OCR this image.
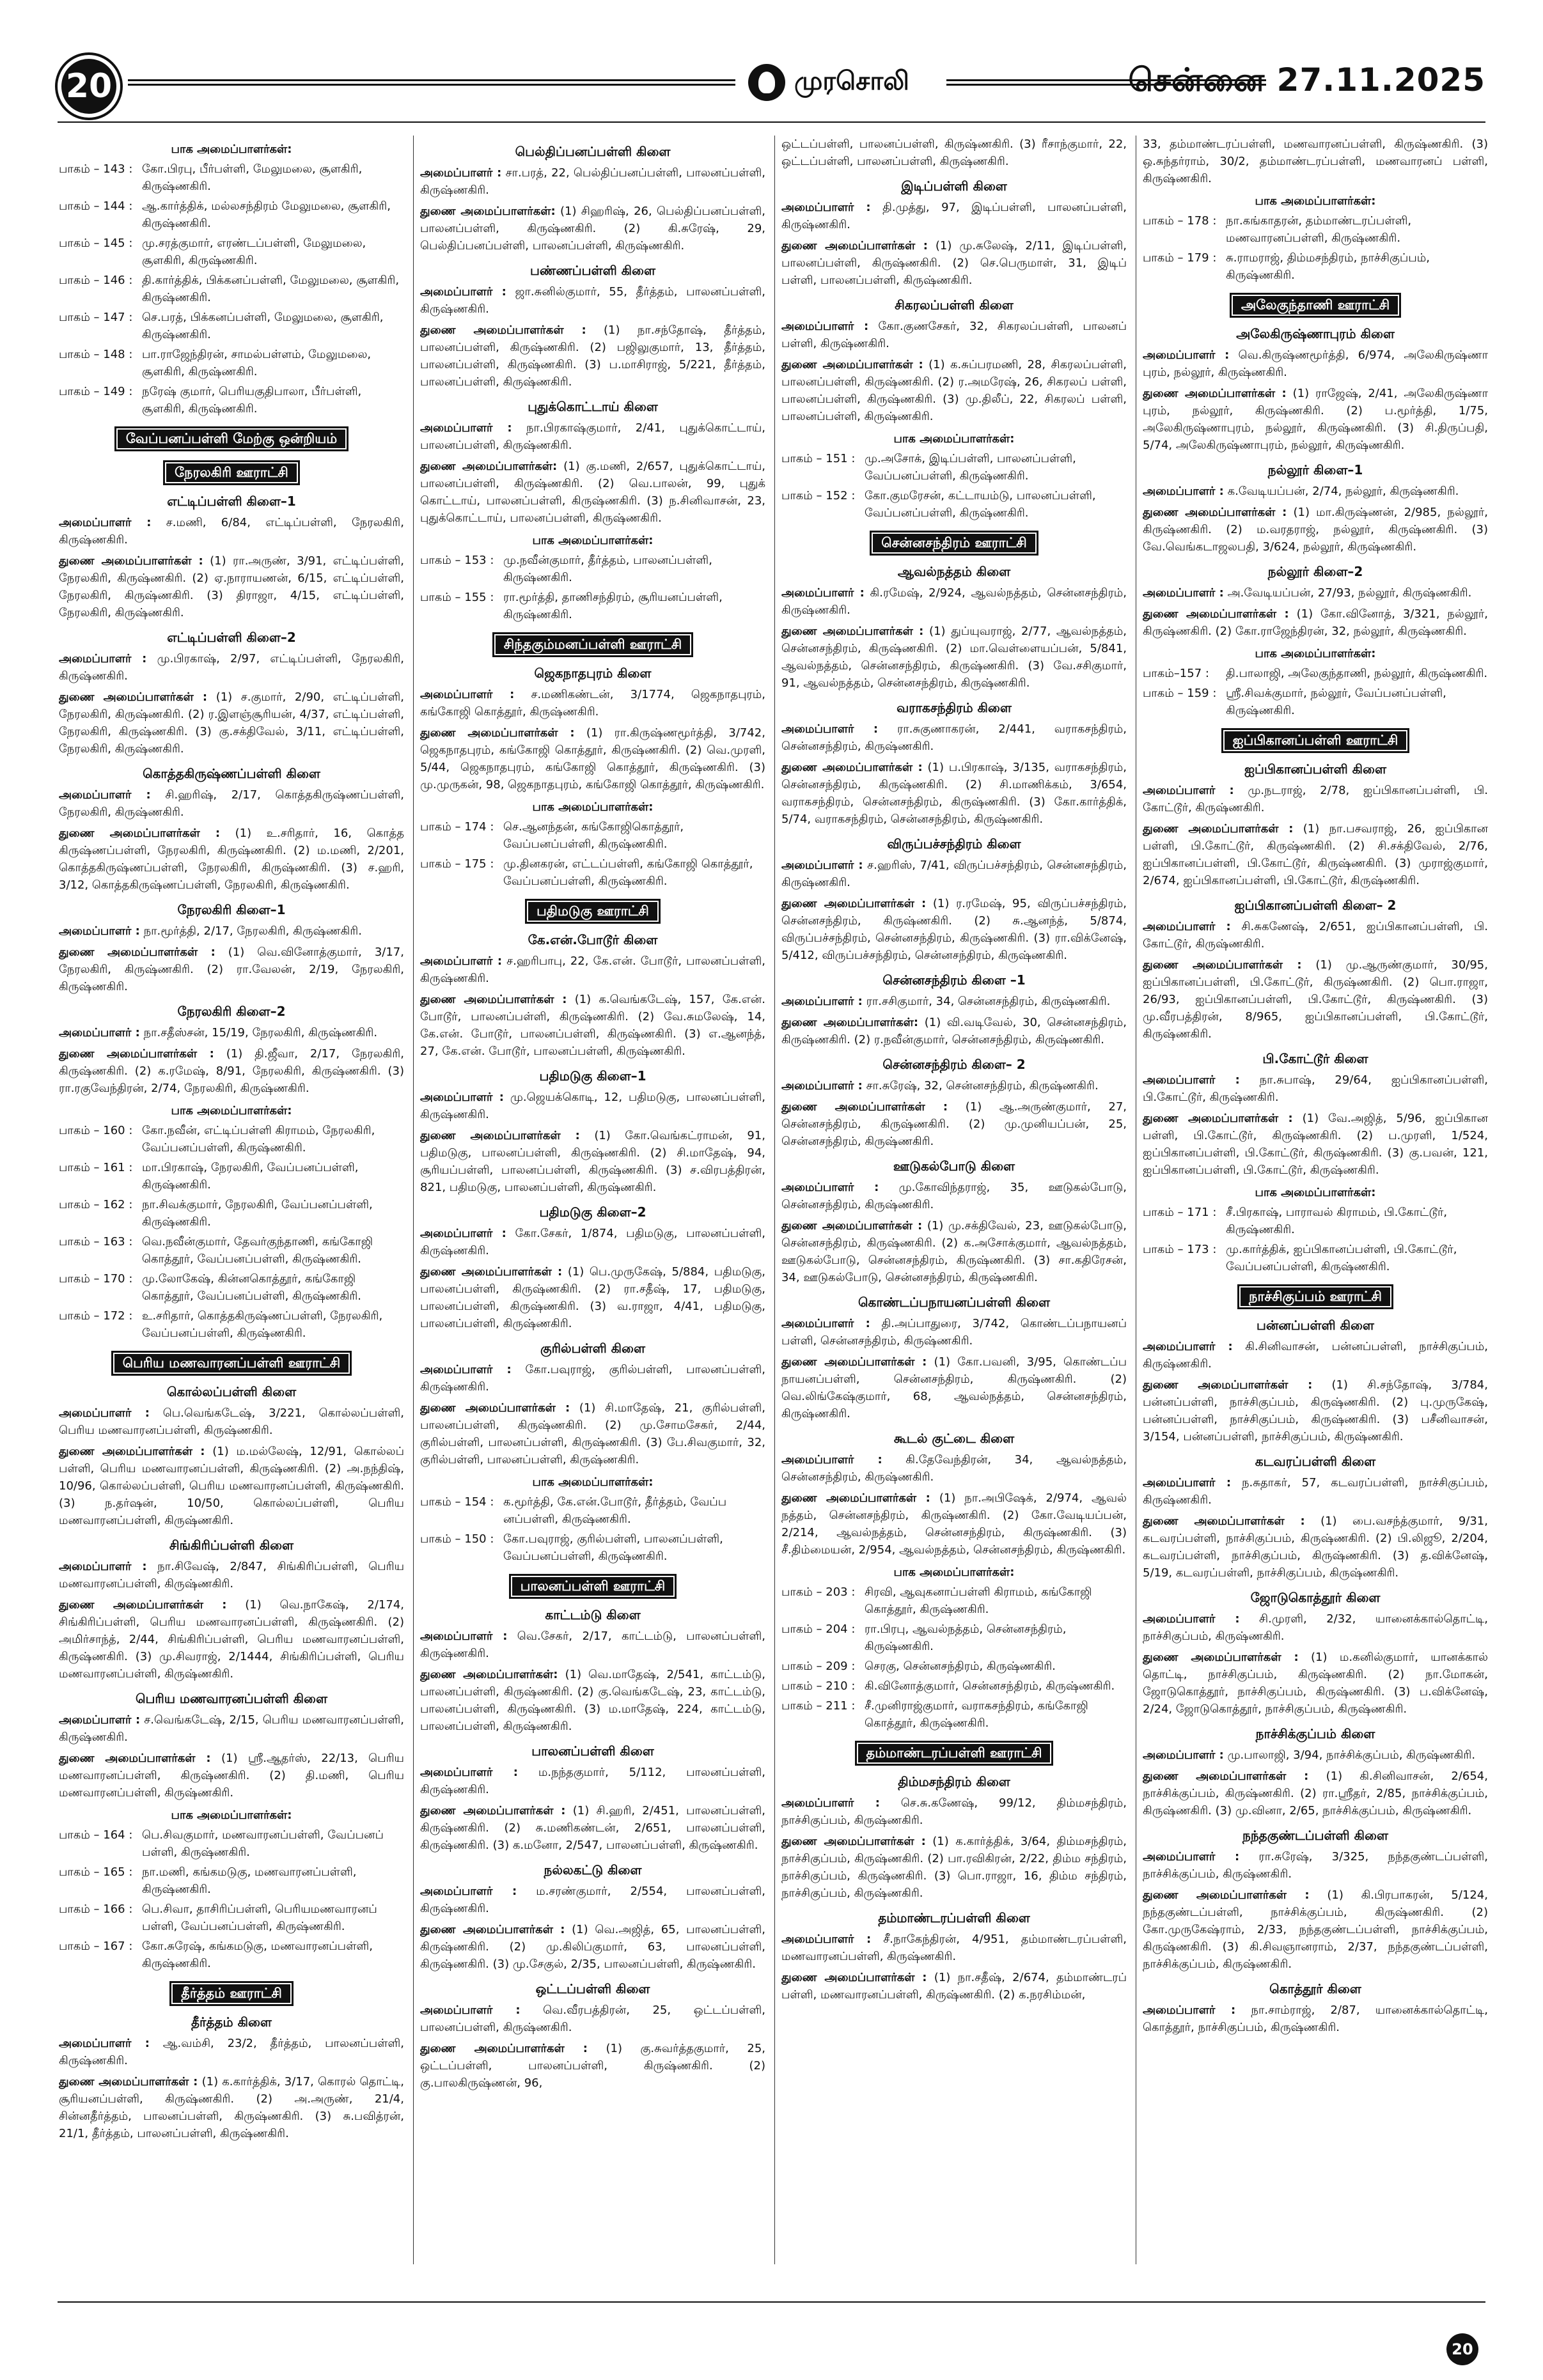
20	முரசொலி	சென்னை 27.11.2025
பாக அமைப்பாளர்கள்:
பாகம் – 143 : கோ.பிரபு, பீர்பள்ளி, மேலுமலை, சூளகிரி, கிருஷ்ணகிரி.
பாகம் – 144 : ஆ.கார்த்திக், மல்லசந்திரம் மேலுமலை, சூளகிரி, கிருஷ்ணகிரி.
பாகம் – 145 : மு.சரத்குமார், எரண்டப்பள்ளி, மேலுமலை, சூளகிரி, கிருஷ்ணகிரி.
பாகம் – 146 : தி.கார்த்திக், பிக்கனப்பள்ளி, மேலுமலை, சூளகிரி, கிருஷ்ணகிரி.
பாகம் – 147 : செ.பரத், பிக்கனப்பள்ளி, மேலுமலை, சூளகிரி, கிருஷ்ணகிரி.
பாகம் – 148 : பா.ராஜேந்திரன், சாமல்பள்ளம், மேலுமலை, சூளகிரி, கிருஷ்ணகிரி.
பாகம் – 149 : நரேஷ் குமார், பெரியகுதிபாலா, பீர்பள்ளி, சூளகிரி, கிருஷ்ணகிரி.
வேப்பனப்பள்ளி மேற்கு ஒன்றியம்
நேரலகிரி ஊராட்சி
எட்டிப்பள்ளி கிளை–1

அமைப்பாளர் : ச.மணி, 6/84, எட்டிப்பள்ளி, நேரலகிரி, கிருஷ்ணகிரி.

துணை அமைப்பாளர்கள் : (1) ரா.அருண், 3/91, எட்டிப்பள்ளி, நேரலகிரி, கிருஷ்ணகிரி. (2) ஏ.நாராயணன், 6/15, எட்டிப்பள்ளி, நேரலகிரி, கிருஷ்ணகிரி. (3) திராஜா, 4/15, எட்டிப்பள்ளி, நேரலகிரி, கிருஷ்ணகிரி.

எட்டிப்பள்ளி கிளை–2

அமைப்பாளர் : மு.பிரகாஷ், 2/97, எட்டிப்பள்ளி, நேரலகிரி, கிருஷ்ணகிரி.

துணை அமைப்பாளர்கள் : (1) ச.குமார், 2/90, எட்டிப்பள்ளி, நேரலகிரி, கிருஷ்ணகிரி. (2) ர.இளஞ்சூரியன், 4/37, எட்டிப்பள்ளி, நேரலகிரி, கிருஷ்ணகிரி. (3) கு.சக்திவேல், 3/11, எட்டிப்பள்ளி, நேரலகிரி, கிருஷ்ணகிரி.

கொத்தகிருஷ்ணப்பள்ளி கிளை

அமைப்பாளர் : சி.ஹரிஷ், 2/17, கொத்தகிருஷ்ணப்பள்ளி, நேரலகிரி, கிருஷ்ணகிரி.

துணை அமைப்பாளர்கள் : (1) உ.சரிதார், 16, கொத்த கிருஷ்ணப்பள்ளி, நேரலகிரி, கிருஷ்ணகிரி. (2) ம.மணி, 2/201, கொத்தகிருஷ்ணப்பள்ளி, நேரலகிரி, கிருஷ்ணகிரி. (3) ச.ஹரி, 3/12, கொத்தகிருஷ்ணப்பள்ளி, நேரலகிரி, கிருஷ்ணகிரி.

நேரலகிரி கிளை–1

அமைப்பாளர் : நா.மூர்த்தி, 2/17, நேரலகிரி, கிருஷ்ணகிரி.

துணை அமைப்பாளர்கள் : (1) வெ.வினோத்குமார், 3/17, நேரலகிரி, கிருஷ்ணகிரி. (2) ரா.வேலன், 2/19, நேரலகிரி, கிருஷ்ணகிரி.

நேரலகிரி கிளை–2

அமைப்பாளர் : நா.சதீஸ்சன், 15/19, நேரலகிரி, கிருஷ்ணகிரி.

துணை அமைப்பாளர்கள் : (1) தி.ஜீவா, 2/17, நேரலகிரி, கிருஷ்ணகிரி. (2) க.ரமேஷ், 8/91, நேரலகிரி, கிருஷ்ணகிரி. (3) ரா.ரகுவேந்திரன், 2/74, நேரலகிரி, கிருஷ்ணகிரி.

பாக அமைப்பாளர்கள்:
பாகம் – 160 : கோ.நவீன், எட்டிப்பள்ளி கிராமம், நேரலகிரி, வேப்பனப்பள்ளி, கிருஷ்ணகிரி.
பாகம் – 161 : மா.பிரகாஷ், நேரலகிரி, வேப்பனப்பள்ளி, கிருஷ்ணகிரி.
பாகம் – 162 : நா.சிவக்குமார், நேரலகிரி, வேப்பனப்பள்ளி, கிருஷ்ணகிரி.
பாகம் – 163 : வெ.நவீன்குமார், தேவர்குந்தாணி, கங்கோஜி கொத்தூர், வேப்பனப்பள்ளி, கிருஷ்ணகிரி.
பாகம் – 170 : மு.லோகேஷ், கின்னகொத்தூர், கங்கோஜி கொத்தூர், வேப்பனப்பள்ளி, கிருஷ்ணகிரி.
பாகம் – 172 : உ.சரிதார், கொத்தகிருஷ்ணப்பள்ளி, நேரலகிரி, வேப்பனப்பள்ளி, கிருஷ்ணகிரி.
பெரிய மணவாரனப்பள்ளி ஊராட்சி
கொல்லப்பள்ளி கிளை

அமைப்பாளர் : பெ.வெங்கடேஷ், 3/221, கொல்லப்பள்ளி, பெரிய மணவாரனப்பள்ளி, கிருஷ்ணகிரி.

துணை அமைப்பாளர்கள் : (1) ம.மல்லேஷ், 12/91, கொல்லப் பள்ளி, பெரிய மணவாரனப்பள்ளி, கிருஷ்ணகிரி. (2) அ.நந்திஷ், 10/96, கொல்லப்பள்ளி, பெரிய மணவாரனப்பள்ளி, கிருஷ்ணகிரி. (3) ந.தர்ஷன், 10/50, கொல்லப்பள்ளி, பெரிய மணவாரனப்பள்ளி, கிருஷ்ணகிரி.

சிங்கிரிப்பள்ளி கிளை

அமைப்பாளர் : நா.சிவேஷ், 2/847, சிங்கிரிப்பள்ளி, பெரிய மணவாரனப்பள்ளி, கிருஷ்ணகிரி.

துணை அமைப்பாளர்கள் : (1) வெ.நாகேஷ், 2/174, சிங்கிரிப்பள்ளி, பெரிய மணவாரனப்பள்ளி, கிருஷ்ணகிரி. (2) அமிர்சாந்த், 2/44, சிங்கிரிப்பள்ளி, பெரிய மணவாரனப்பள்ளி, கிருஷ்ணகிரி. (3) மு.சிவராஜ், 2/1444, சிங்கிரிப்பள்ளி, பெரிய மணவாரனப்பள்ளி, கிருஷ்ணகிரி.

பெரிய மணவாரனப்பள்ளி கிளை

அமைப்பாளர் : ச.வெங்கடேஷ், 2/15, பெரிய மணவாரனப்பள்ளி, கிருஷ்ணகிரி.

துணை அமைப்பாளர்கள் : (1) ஸ்ரீ.ஆதர்ஸ், 22/13, பெரிய மணவாரனப்பள்ளி, கிருஷ்ணகிரி. (2) தி.மணி, பெரிய மணவாரனப்பள்ளி, கிருஷ்ணகிரி.

பாக அமைப்பாளர்கள்:
பாகம் – 164 : பெ.சிவகுமார், மணவாரனப்பள்ளி, வேப்பனப் பள்ளி, கிருஷ்ணகிரி.
பாகம் – 165 : நா.மணி, கங்கமடுகு, மணவாரனப்பள்ளி, கிருஷ்ணகிரி.
பாகம் – 166 : பெ.சிவா, தாசிரிப்பள்ளி, பெரியமணவாரனப் பள்ளி, வேப்பனப்பள்ளி, கிருஷ்ணகிரி.
பாகம் – 167 : கோ.சுரேஷ், கங்கமடுகு, மணவாரனப்பள்ளி, கிருஷ்ணகிரி.
தீர்த்தம் ஊராட்சி
தீர்த்தம் கிளை

அமைப்பாளர் : ஆ.வம்சி, 23/2, தீர்த்தம், பாலனப்பள்ளி, கிருஷ்ணகிரி.

துணை அமைப்பாளர்கள் : (1) க.கார்த்திக், 3/17, கொரல் தொட்டி, சூரியனப்பள்ளி, கிருஷ்ணகிரி. (2) அ.அருண், 21/4, சின்னதீர்த்தம், பாலனப்பள்ளி, கிருஷ்ணகிரி. (3) சு.பவித்ரன், 21/1, தீர்த்தம், பாலனப்பள்ளி, கிருஷ்ணகிரி.

பெல்திப்பனப்பள்ளி கிளை

அமைப்பாளர் : சா.பரத், 22, பெல்திப்பனப்பள்ளி, பாலனப்பள்ளி, கிருஷ்ணகிரி.

துணை அமைப்பாளர்கள்: (1) சிஹரிஷ், 26, பெல்திப்பனப்பள்ளி, பாலனப்பள்ளி, கிருஷ்ணகிரி. (2) கி.சுரேஷ், 29, பெல்திப்பனப்பள்ளி, பாலனப்பள்ளி, கிருஷ்ணகிரி.

பண்ணப்பள்ளி கிளை

அமைப்பாளர் : ஜா.சுனில்குமார், 55, தீர்த்தம், பாலனப்பள்ளி, கிருஷ்ணகிரி.

துணை அமைப்பாளர்கள் : (1) நா.சந்தோஷ், தீர்த்தம், பாலனப்பள்ளி, கிருஷ்ணகிரி. (2) பஜிலுகுமார், 13, தீர்த்தம், பாலனப்பள்ளி, கிருஷ்ணகிரி. (3) ப.மாசிராஜ், 5/221, தீர்த்தம், பாலனப்பள்ளி, கிருஷ்ணகிரி.

புதுக்கொட்டாய் கிளை

அமைப்பாளர் : நா.பிரகாஷ்குமார், 2/41, புதுக்கொட்டாய், பாலனப்பள்ளி, கிருஷ்ணகிரி.

துணை அமைப்பாளர்கள்: (1) கு.மணி, 2/657, புதுக்கொட்டாய், பாலனப்பள்ளி, கிருஷ்ணகிரி. (2) வெ.பாலன், 99, புதுக் கொட்டாய், பாலனப்பள்ளி, கிருஷ்ணகிரி. (3) ந.சினிவாசன், 23, புதுக்கொட்டாய், பாலனப்பள்ளி, கிருஷ்ணகிரி.

பாக அமைப்பாளர்கள்:
பாகம் – 153 : மு.நவீன்குமார், தீர்த்தம், பாலனப்பள்ளி, கிருஷ்ணகிரி.
பாகம் – 155 : ரா.மூர்த்தி, தாணிசந்திரம், சூரியனப்பள்ளி, கிருஷ்ணகிரி.
சிந்தகும்மனப்பள்ளி ஊராட்சி
ஜெகநாதபுரம் கிளை

அமைப்பாளர் : ச.மணிகண்டன், 3/1774, ஜெகநாதபுரம், கங்கோஜி கொத்தூர், கிருஷ்ணகிரி.

துணை அமைப்பாளர்கள் : (1) ரா.கிருஷ்ணமூர்த்தி, 3/742, ஜெகநாதபுரம், கங்கோஜி கொத்தூர், கிருஷ்ணகிரி. (2) வெ.முரளி, 5/44, ஜெகநாதபுரம், கங்கோஜி கொத்தூர், கிருஷ்ணகிரி. (3) மு.முருகன், 98, ஜெகநாதபுரம், கங்கோஜி கொத்தூர், கிருஷ்ணகிரி.

பாக அமைப்பாளர்கள்:
பாகம் – 174 : செ.ஆனந்தன், கங்கோஜிகொத்தூர், வேப்பனப்பள்ளி, கிருஷ்ணகிரி.
பாகம் – 175 : மு.தினகரன், எட்டப்பள்ளி, கங்கோஜி கொத்தூர், வேப்பனப்பள்ளி, கிருஷ்ணகிரி.
பதிமடுகு ஊராட்சி
கே.என்.போடூர் கிளை

அமைப்பாளர் : ச.ஹரிபாபு, 22, கே.என். போடூர், பாலனப்பள்ளி, கிருஷ்ணகிரி.

துணை அமைப்பாளர்கள் : (1) க.வெங்கடேஷ், 157, கே.என். போடூர், பாலனப்பள்ளி, கிருஷ்ணகிரி. (2) வே.சுமலேஷ், 14, கே.என். போடூர், பாலனப்பள்ளி, கிருஷ்ணகிரி. (3) எ.ஆனந்த், 27, கே.என். போடூர், பாலனப்பள்ளி, கிருஷ்ணகிரி.

பதிமடுகு கிளை–1

அமைப்பாளர் : மு.ஜெயக்கொடி, 12, பதிமடுகு, பாலனப்பள்ளி, கிருஷ்ணகிரி.

துணை அமைப்பாளர்கள் : (1) கோ.வெங்கட்ராமன், 91, பதிமடுகு, பாலனப்பள்ளி, கிருஷ்ணகிரி. (2) சி.மாதேஷ், 94, சூரியப்பள்ளி, பாலனப்பள்ளி, கிருஷ்ணகிரி. (3) ச.விரபத்திரன், 821, பதிமடுகு, பாலனப்பள்ளி, கிருஷ்ணகிரி.

பதிமடுகு கிளை–2

அமைப்பாளர் : கோ.சேகர், 1/874, பதிமடுகு, பாலனப்பள்ளி, கிருஷ்ணகிரி.

துணை அமைப்பாளர்கள் : (1) பெ.முருகேஷ், 5/884, பதிமடுகு, பாலனப்பள்ளி, கிருஷ்ணகிரி. (2) ரா.சதீஷ், 17, பதிமடுகு, பாலனப்பள்ளி, கிருஷ்ணகிரி. (3) வ.ராஜா, 4/41, பதிமடுகு, பாலனப்பள்ளி, கிருஷ்ணகிரி.

குரில்பள்ளி கிளை

அமைப்பாளர் : கோ.பவுராஜ், குரில்பள்ளி, பாலனப்பள்ளி, கிருஷ்ணகிரி.

துணை அமைப்பாளர்கள் : (1) சி.மாதேஷ், 21, குரில்பள்ளி, பாலனப்பள்ளி, கிருஷ்ணகிரி. (2) மு.சோமசேகர், 2/44, குரில்பள்ளி, பாலனப்பள்ளி, கிருஷ்ணகிரி. (3) பே.சிவகுமார், 32, குரில்பள்ளி, பாலனப்பள்ளி, கிருஷ்ணகிரி.

பாக அமைப்பாளர்கள்:
பாகம் – 154 : க.மூர்த்தி, கே.என்.போடூர், தீர்த்தம், வேப்ப னப்பள்ளி, கிருஷ்ணகிரி.
பாகம் – 150 : கோ.பவுராஜ், குரில்பள்ளி, பாலனப்பள்ளி, வேப்பனப்பள்ளி, கிருஷ்ணகிரி.
பாலனப்பள்ளி ஊராட்சி
காட்டம்டு கிளை

அமைப்பாளர் : வெ.சேகர், 2/17, காட்டம்டு, பாலனப்பள்ளி, கிருஷ்ணகிரி.

துணை அமைப்பாளர்கள்: (1) வெ.மாதேஷ், 2/541, காட்டம்டு, பாலனப்பள்ளி, கிருஷ்ணகிரி. (2) கு.வெங்கடேஷ், 23, காட்டம்டு, பாலனப்பள்ளி, கிருஷ்ணகிரி. (3) ம.மாதேஷ், 224, காட்டம்டு, பாலனப்பள்ளி, கிருஷ்ணகிரி.

பாலனப்பள்ளி கிளை

அமைப்பாளர் : ம.நந்தகுமார், 5/112, பாலனப்பள்ளி, கிருஷ்ணகிரி.

துணை அமைப்பாளர்கள் : (1) சி.ஹரி, 2/451, பாலனப்பள்ளி, கிருஷ்ணகிரி. (2) சு.மணிகண்டன், 2/651, பாலனப்பள்ளி, கிருஷ்ணகிரி. (3) க.மனோ, 2/547, பாலனப்பள்ளி, கிருஷ்ணகிரி.

நல்லகட்டு கிளை

அமைப்பாளர் : ம.சரண்குமார், 2/554, பாலனப்பள்ளி, கிருஷ்ணகிரி.

துணை அமைப்பாளர்கள் : (1) வெ.அஜித், 65, பாலனப்பள்ளி, கிருஷ்ணகிரி. (2) மு.கிலிப்குமார், 63, பாலனப்பள்ளி, கிருஷ்ணகிரி. (3) மு.சேகுல், 2/35, பாலனப்பள்ளி, கிருஷ்ணகிரி.

ஒட்டப்பள்ளி கிளை

அமைப்பாளர் : வெ.வீரபத்திரன், 25, ஒட்டப்பள்ளி, பாலனப்பள்ளி, கிருஷ்ணகிரி.

துணை அமைப்பாளர்கள் : (1) கு.சுவர்த்தகுமார், 25, ஒட்டப்பள்ளி, பாலனப்பள்ளி, கிருஷ்ணகிரி. (2) கு.பாலகிருஷ்ணன், 96,

ஒட்டப்பள்ளி, பாலனப்பள்ளி, கிருஷ்ணகிரி. (3) ரீசாந்குமார், 22, ஒட்டப்பள்ளி, பாலனப்பள்ளி, கிருஷ்ணகிரி.

இடிப்பள்ளி கிளை

அமைப்பாளர் : தி.முத்து, 97, இடிப்பள்ளி, பாலனப்பள்ளி, கிருஷ்ணகிரி.

துணை அமைப்பாளர்கள் : (1) மு.சுலேஷ், 2/11, இடிப்பள்ளி, பாலனப்பள்ளி, கிருஷ்ணகிரி. (2) செ.பெருமாள், 31, இடிப் பள்ளி, பாலனப்பள்ளி, கிருஷ்ணகிரி.

சிகரலப்பள்ளி கிளை

அமைப்பாளர் : கோ.குணசேகர், 32, சிகரலப்பள்ளி, பாலனப் பள்ளி, கிருஷ்ணகிரி.

துணை அமைப்பாளர்கள் : (1) க.சுப்பரமணி, 28, சிகரலப்பள்ளி, பாலனப்பள்ளி, கிருஷ்ணகிரி. (2) ர.அமரேஷ், 26, சிகரலப் பள்ளி, பாலனப்பள்ளி, கிருஷ்ணகிரி. (3) மு.திலீப், 22, சிகரலப் பள்ளி, பாலனப்பள்ளி, கிருஷ்ணகிரி.

பாக அமைப்பாளர்கள்:
பாகம் – 151 : மு.அசோக், இடிப்பள்ளி, பாலனப்பள்ளி, வேப்பனப்பள்ளி, கிருஷ்ணகிரி.
பாகம் – 152 : கோ.குமரேசன், கட்டாயம்டு, பாலனப்பள்ளி, வேப்பனப்பள்ளி, கிருஷ்ணகிரி.
சென்னசந்திரம் ஊராட்சி
ஆவல்நத்தம் கிளை

அமைப்பாளர் : கி.ரமேஷ், 2/924, ஆவல்நத்தம், சென்னசந்திரம், கிருஷ்ணகிரி.

துணை அமைப்பாளர்கள் : (1) துப்யுவராஜ், 2/77, ஆவல்நத்தம், சென்னசந்திரம், கிருஷ்ணகிரி. (2) மா.வெள்ளையப்பன், 5/841, ஆவல்நத்தம், சென்னசந்திரம், கிருஷ்ணகிரி. (3) வே.சசிகுமார், 91, ஆவல்நத்தம், சென்னசந்திரம், கிருஷ்ணகிரி.

வராகசந்திரம் கிளை

அமைப்பாளர் : ரா.சுகுணாகரன், 2/441, வராகசந்திரம், சென்னசந்திரம், கிருஷ்ணகிரி.

துணை அமைப்பாளர்கள் : (1) ப.பிரகாஷ், 3/135, வராகசந்திரம், சென்னசந்திரம், கிருஷ்ணகிரி. (2) சி.மாணிக்கம், 3/654, வராகசந்திரம், சென்னசந்திரம், கிருஷ்ணகிரி. (3) கோ.கார்த்திக், 5/74, வராகசந்திரம், சென்னசந்திரம், கிருஷ்ணகிரி.

விருப்பச்சந்திரம் கிளை

அமைப்பாளர் : ச.ஹரிஸ், 7/41, விருப்பச்சந்திரம், சென்னசந்திரம், கிருஷ்ணகிரி.

துணை அமைப்பாளர்கள் : (1) ர.ரமேஷ், 95, விருப்பச்சந்திரம், சென்னசந்திரம், கிருஷ்ணகிரி. (2) சு.ஆனந்த், 5/874, விருப்பச்சந்திரம், சென்னசந்திரம், கிருஷ்ணகிரி. (3) ரா.விக்னேஷ், 5/412, விருப்பச்சந்திரம், சென்னசந்திரம், கிருஷ்ணகிரி.

சென்னசந்திரம் கிளை –1

அமைப்பாளர் : ரா.சசிகுமார், 34, சென்னசந்திரம், கிருஷ்ணகிரி.

துணை அமைப்பாளர்கள்: (1) வி.வடிவேல், 30, சென்னசந்திரம், கிருஷ்ணகிரி. (2) ர.நவீன்குமார், சென்னசந்திரம், கிருஷ்ணகிரி.

சென்னசந்திரம் கிளை– 2

அமைப்பாளர் : சா.சுரேஷ், 32, சென்னசந்திரம், கிருஷ்ணகிரி.

துணை அமைப்பாளர்கள் : (1) ஆ.அருண்குமார், 27, சென்னசந்திரம், கிருஷ்ணகிரி. (2) மு.முனியப்பன், 25, சென்னசந்திரம், கிருஷ்ணகிரி.

ஊடுகல்போடு கிளை

அமைப்பாளர் : மு.கோவிந்தராஜ், 35, ஊடுகல்போடு, சென்னசந்திரம், கிருஷ்ணகிரி.

துணை அமைப்பாளர்கள் : (1) மு.சக்திவேல், 23, ஊடுகல்போடு, சென்னசந்திரம், கிருஷ்ணகிரி. (2) க.அசோக்குமார், ஆவல்நத்தம், ஊடுகல்போடு, சென்னசந்திரம், கிருஷ்ணகிரி. (3) சா.கதிரேசன், 34, ஊடுகல்போடு, சென்னசந்திரம், கிருஷ்ணகிரி.

கொண்டப்பநாயனப்பள்ளி கிளை

அமைப்பாளர் : தி.அப்பாதுரை, 3/742, கொண்டப்பநாயனப் பள்ளி, சென்னசந்திரம், கிருஷ்ணகிரி.

துணை அமைப்பாளர்கள் : (1) கோ.பவனி, 3/95, கொண்டப்ப நாயனப்பள்ளி, சென்னசந்திரம், கிருஷ்ணகிரி. (2) வெ.லிங்கேஷ்குமார், 68, ஆவல்நத்தம், சென்னசந்திரம், கிருஷ்ணகிரி.

கூடல் குட்டை கிளை

அமைப்பாளர் : கி.தேவேந்திரன், 34, ஆவல்நத்தம், சென்னசந்திரம், கிருஷ்ணகிரி.

துணை அமைப்பாளர்கள் : (1) நா.அபிஷேக், 2/974, ஆவல் நத்தம், சென்னசந்திரம், கிருஷ்ணகிரி. (2) கோ.வேடியப்பன், 2/214, ஆவல்நத்தம், சென்னசந்திரம், கிருஷ்ணகிரி. (3) சீ.திம்மையன், 2/954, ஆவல்நத்தம், சென்னசந்திரம், கிருஷ்ணகிரி.

பாக அமைப்பாளர்கள்:
பாகம் – 203 : சிரவி, ஆவுகனாப்பள்ளி கிராமம், கங்கோஜி கொத்தூர், கிருஷ்ணகிரி.
பாகம் – 204 : ரா.பிரபு, ஆவல்நத்தம், சென்னசந்திரம், கிருஷ்ணகிரி.
பாகம் – 209 : செரகு, சென்னசந்திரம், கிருஷ்ணகிரி.
பாகம் – 210 : கி.வினோத்குமார், சென்னசந்திரம், கிருஷ்ணகிரி.
பாகம் – 211 : சீ.முனிராஜ்குமார், வராகசந்திரம், கங்கோஜி கொத்தூர், கிருஷ்ணகிரி.
தம்மாண்டரப்பள்ளி ஊராட்சி
திம்மசந்திரம் கிளை

அமைப்பாளர் : செ.சு.கணேஷ், 99/12, திம்மசந்திரம், நாச்சிகுப்பம், கிருஷ்ணகிரி.

துணை அமைப்பாளர்கள் : (1) க.கார்த்திக், 3/64, திம்மசந்திரம், நாச்சிகுப்பம், கிருஷ்ணகிரி. (2) பா.ரவிகிரன், 2/22, திம்ம சந்திரம், நாச்சிகுப்பம், கிருஷ்ணகிரி. (3) பொ.ராஜா, 16, திம்ம சந்திரம், நாச்சிகுப்பம், கிருஷ்ணகிரி.

தம்மாண்டரப்பள்ளி கிளை

அமைப்பாளர் : சீ.நாகேந்திரன், 4/951, தம்மாண்டரப்பள்ளி, மணவாரனப்பள்ளி, கிருஷ்ணகிரி.

துணை அமைப்பாளர்கள் : (1) நா.சதீஷ், 2/674, தம்மாண்டரப் பள்ளி, மணவாரனப்பள்ளி, கிருஷ்ணகிரி. (2) க.நரசிம்மன்,

33, தம்மாண்டரப்பள்ளி, மணவாரனப்பள்ளி, கிருஷ்ணகிரி. (3) ஒ.சுந்தர்ராம், 30/2, தம்மாண்டரப்பள்ளி, மணவாரனப் பள்ளி, கிருஷ்ணகிரி.

பாக அமைப்பாளர்கள்:
பாகம் – 178 : நா.கங்காதரன், தம்மாண்டரப்பள்ளி, மணவாரனப்பள்ளி, கிருஷ்ணகிரி.
பாகம் – 179 : சு.ராமராஜ், திம்மசந்திரம், நாச்சிகுப்பம், கிருஷ்ணகிரி.
அலேகுந்தாணி ஊராட்சி
அலேகிருஷ்ணாபுரம் கிளை

அமைப்பாளர் : வெ.கிருஷ்ணமூர்த்தி, 6/974, அலேகிருஷ்ணா புரம், நல்லூர், கிருஷ்ணகிரி.

துணை அமைப்பாளர்கள் : (1) ராஜேஷ், 2/41, அலேகிருஷ்ணா புரம், நல்லூர், கிருஷ்ணகிரி. (2) ப.மூர்த்தி, 1/75, அலேகிருஷ்ணாபுரம், நல்லூர், கிருஷ்ணகிரி. (3) சி.திருப்பதி, 5/74, அலேகிருஷ்ணாபுரம், நல்லூர், கிருஷ்ணகிரி.

நல்லூர் கிளை–1

அமைப்பாளர் : க.வேடியப்பன், 2/74, நல்லூர், கிருஷ்ணகிரி.

துணை அமைப்பாளர்கள் : (1) மா.கிருஷ்ணன், 2/985, நல்லூர், கிருஷ்ணகிரி. (2) ம.வரதராஜ், நல்லூர், கிருஷ்ணகிரி. (3) வே.வெங்கடாஜலபதி, 3/624, நல்லூர், கிருஷ்ணகிரி.

நல்லூர் கிளை–2

அமைப்பாளர் : அ.வேடியப்பன், 27/93, நல்லூர், கிருஷ்ணகிரி.

துணை அமைப்பாளர்கள் : (1) கோ.வினோத், 3/321, நல்லூர், கிருஷ்ணகிரி. (2) கோ.ராஜேந்திரன், 32, நல்லூர், கிருஷ்ணகிரி.

பாக அமைப்பாளர்கள்:
பாகம்–157 :	தி.பாலாஜி, அலேகுந்தாணி, நல்லூர், கிருஷ்ணகிரி.
பாகம் – 159 : ஸ்ரீ.சிவக்குமார், நல்லூர், வேப்பனப்பள்ளி, கிருஷ்ணகிரி.
ஐப்பிகானப்பள்ளி ஊராட்சி
ஐப்பிகானப்பள்ளி கிளை

அமைப்பாளர் : மு.நடராஜ், 2/78, ஐப்பிகானப்பள்ளி, பி. கோட்டூர், கிருஷ்ணகிரி.

துணை அமைப்பாளர்கள் : (1) நா.பசவராஜ், 26, ஐப்பிகான பள்ளி, பி.கோட்டூர், கிருஷ்ணகிரி. (2) சி.சக்திவேல், 2/76, ஐப்பிகானப்பள்ளி, பி.கோட்டூர், கிருஷ்ணகிரி. (3) முராஜ்குமார், 2/674, ஐப்பிகானப்பள்ளி, பி.கோட்டூர், கிருஷ்ணகிரி.

ஐப்பிகானப்பள்ளி கிளை– 2

அமைப்பாளர் : சி.சுகணேஷ், 2/651, ஐப்பிகானப்பள்ளி, பி. கோட்டூர், கிருஷ்ணகிரி.

துணை அமைப்பாளர்கள் : (1) மு.ஆருண்குமார், 30/95, ஐப்பிகானப்பள்ளி, பி.கோட்டூர், கிருஷ்ணகிரி. (2) பொ.ராஜா, 26/93, ஐப்பிகானப்பள்ளி, பி.கோட்டூர், கிருஷ்ணகிரி. (3) மு.வீரபத்திரன், 8/965, ஐப்பிகானப்பள்ளி, பி.கோட்டூர், கிருஷ்ணகிரி.

பி.கோட்டூர் கிளை

அமைப்பாளர் : நா.சுபாஷ், 29/64, ஐப்பிகானப்பள்ளி, பி.கோட்டூர், கிருஷ்ணகிரி.

துணை அமைப்பாளர்கள் : (1) வே.அஜித், 5/96, ஐப்பிகான பள்ளி, பி.கோட்டூர், கிருஷ்ணகிரி. (2) ப.முரளி, 1/524, ஐப்பிகானப்பள்ளி, பி.கோட்டூர், கிருஷ்ணகிரி. (3) கு.பவன், 121, ஐப்பிகானப்பள்ளி, பி.கோட்டூர், கிருஷ்ணகிரி.

பாக அமைப்பாளர்கள்:
பாகம் – 171 : சீ.பிரகாஷ், பாராவல் கிராமம், பி.கோட்டூர், கிருஷ்ணகிரி.
பாகம் – 173 : மு.கார்த்திக், ஐப்பிகானப்பள்ளி, பி.கோட்டூர், வேப்பனப்பள்ளி, கிருஷ்ணகிரி.
நாச்சிகுப்பம் ஊராட்சி
பன்னப்பள்ளி கிளை

அமைப்பாளர் : கி.சினிவாசன், பன்னப்பள்ளி, நாச்சிகுப்பம், கிருஷ்ணகிரி.

துணை அமைப்பாளர்கள் : (1) சி.சந்தோஷ், 3/784, பன்னப்பள்ளி, நாச்சிகுப்பம், கிருஷ்ணகிரி. (2) பு.முருகேஷ், பன்னப்பள்ளி, நாச்சிகுப்பம், கிருஷ்ணகிரி. (3) பசீனிவாசன், 3/154, பன்னப்பள்ளி, நாச்சிகுப்பம், கிருஷ்ணகிரி.

கடவரப்பள்ளி கிளை

அமைப்பாளர் : ந.சுதாகர், 57, கடவரப்பள்ளி, நாச்சிகுப்பம், கிருஷ்ணகிரி.

துணை அமைப்பாளர்கள் : (1) பை.வசந்த்குமார், 9/31, கடவரப்பள்ளி, நாச்சிகுப்பம், கிருஷ்ணகிரி. (2) பி.லிஜூ, 2/204, கடவரப்பள்ளி, நாச்சிகுப்பம், கிருஷ்ணகிரி. (3) த.விக்னேஷ், 5/19, கடவரப்பள்ளி, நாச்சிகுப்பம், கிருஷ்ணகிரி.

ஜோடுகொத்தூர் கிளை

அமைப்பாளர் : சி.முரளி, 2/32, யானைக்கால்தொட்டி, நாச்சிகுப்பம், கிருஷ்ணகிரி.

துணை அமைப்பாளர்கள் : (1) ம.கனில்குமார், யானக்கால் தொட்டி, நாச்சிகுப்பம், கிருஷ்ணகிரி. (2) நா.மோகன், ஜோடுகொத்தூர், நாச்சிகுப்பம், கிருஷ்ணகிரி. (3) ப.விக்னேஷ், 2/24, ஜோடுகொத்தூர், நாச்சிகுப்பம், கிருஷ்ணகிரி.

நாச்சிக்குப்பம் கிளை

அமைப்பாளர் : மு.பாலாஜி, 3/94, நாச்சிக்குப்பம், கிருஷ்ணகிரி.

துணை அமைப்பாளர்கள் : (1) கி.சினிவாசன், 2/654, நாச்சிக்குப்பம், கிருஷ்ணகிரி. (2) ரா.ஸ்ரீதர், 2/85, நாச்சிக்குப்பம், கிருஷ்ணகிரி. (3) மு.வினா, 2/65, நாச்சிக்குப்பம், கிருஷ்ணகிரி.

நந்தகுண்டப்பள்ளி கிளை

அமைப்பாளர் : ரா.சுரேஷ், 3/325, நந்தகுண்டப்பள்ளி, நாச்சிக்குப்பம், கிருஷ்ணகிரி.

துணை அமைப்பாளர்கள் : (1) கி.பிரபாகரன், 5/124, நந்தகுண்டப்பள்ளி, நாச்சிக்குப்பம், கிருஷ்ணகிரி. (2) கோ.முருகேஷ்ராம், 2/33, நந்தகுண்டப்பள்ளி, நாச்சிக்குப்பம், கிருஷ்ணகிரி. (3) கி.சிவஞானராம், 2/37, நந்தகுண்டப்பள்ளி, நாச்சிக்குப்பம், கிருஷ்ணகிரி.

கொத்தூர் கிளை

அமைப்பாளர் : நா.சாம்ராஜ், 2/87, யானைக்கால்தொட்டி, கொத்தூர், நாச்சிகுப்பம், கிருஷ்ணகிரி.

20
